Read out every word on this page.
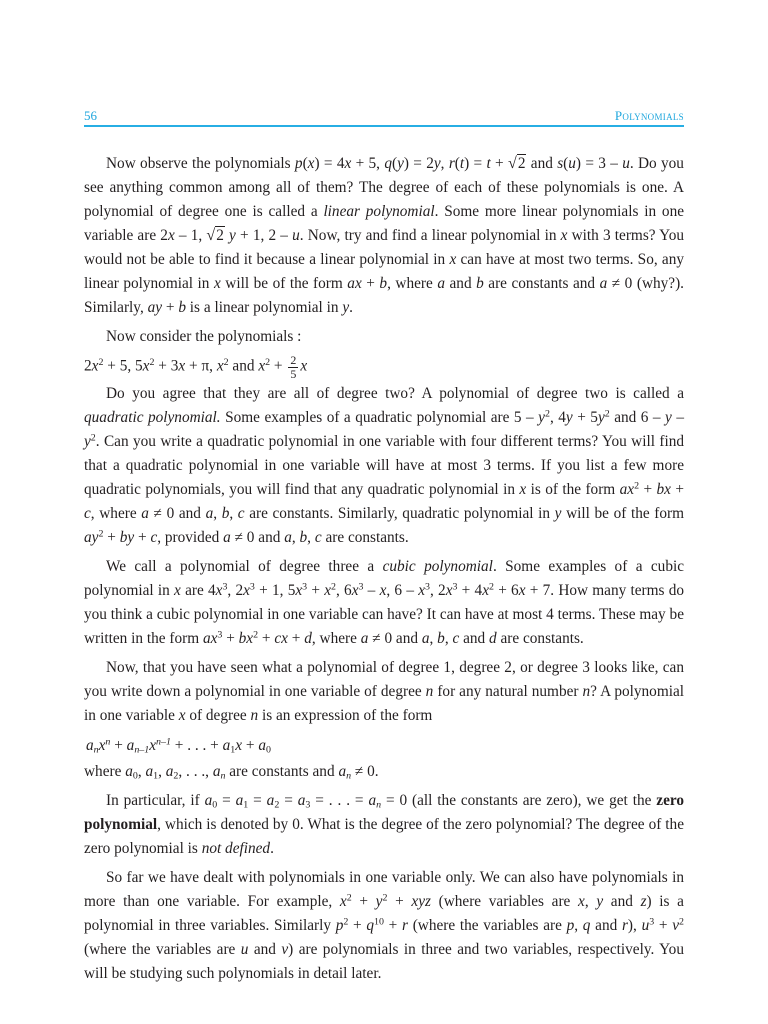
56	Polynomials

Now observe the polynomials p(x) = 4x + 5, q(y) = 2y, r(t) = t + √2 and s(u) = 3 – u. Do you see anything common among all of them? The degree of each of these polynomials is one. A polynomial of degree one is called a linear polynomial. Some more linear polynomials in one variable are 2x – 1, √2 y + 1, 2 – u. Now, try and find a linear polynomial in x with 3 terms? You would not be able to find it because a linear polynomial in x can have at most two terms. So, any linear polynomial in x will be of the form ax + b, where a and b are constants and a ≠ 0 (why?). Similarly, ay + b is a linear polynomial in y.

Now consider the polynomials :

$2x^2 + 5$, $5x^2 + 3x + \pi$, $x^2$ and $x^2 + \frac{2}{5}$ x

Do you agree that they are all of degree two? A polynomial of degree two is called a quadratic polynomial. Some examples of a quadratic polynomial are $5 - y^2$, $4y + 5y^2$ and 6 – y – $y^2$. Can you write a quadratic polynomial in one variable with four different terms? You will find that a quadratic polynomial in one variable will have at most 3 terms. If you list a few more quadratic polynomials, you will find that any quadratic polynomial in x is of the form $ax^2$ + bx + c, where a ≠ 0 and a, b, c are constants. Similarly, quadratic polynomial in y will be of the form $ay^2$ + by + c, provided a ≠ 0 and a, b, c are constants.

We call a polynomial of degree three a cubic polynomial. Some examples of a cubic polynomial in x are $4x^3$, $2x^3 + 1$, $5x^3 + x^2$, $6x^3$ – x, $6 - x^3$, $2x^3 + 4x^2 + 6x + 7$. How many terms do you think a cubic polynomial in one variable can have? It can have at most 4 terms. These may be written in the form $ax^3 + bx^2$ + cx + d, where a ≠ 0 and a, b, c and d are constants.

Now, that you have seen what a polynomial of degree 1, degree 2, or degree 3 looks like, can you write down a polynomial in one variable of degree n for any natural number n? A polynomial in one variable x of degree n is an expression of the form

$a_nx^n + a_{n-1}x^{n-1}$ + . . . + $a_1x + a_0$

where $a_0$, $a_1$, $a_2$, . . ., $a_n$ are constants and $a_n \ne 0$.

In particular, if $a_0 = a_1 = a_2 = a_3$ = . . . = $a_n = 0$ (all the constants are zero), we get the zero polynomial, which is denoted by 0. What is the degree of the zero polynomial? The degree of the zero polynomial is not defined.

So far we have dealt with polynomials in one variable only. We can also have polynomials in more than one variable. For example, $x^2 + y^2$ + xyz (where variables are x, y and z) is a polynomial in three variables. Similarly $p^2 + q^{10} + r$ (where the variables are p, q and r), $u^3 + v^2$ (where the variables are u and v) are polynomials in three and two variables, respectively. You will be studying such polynomials in detail later.
